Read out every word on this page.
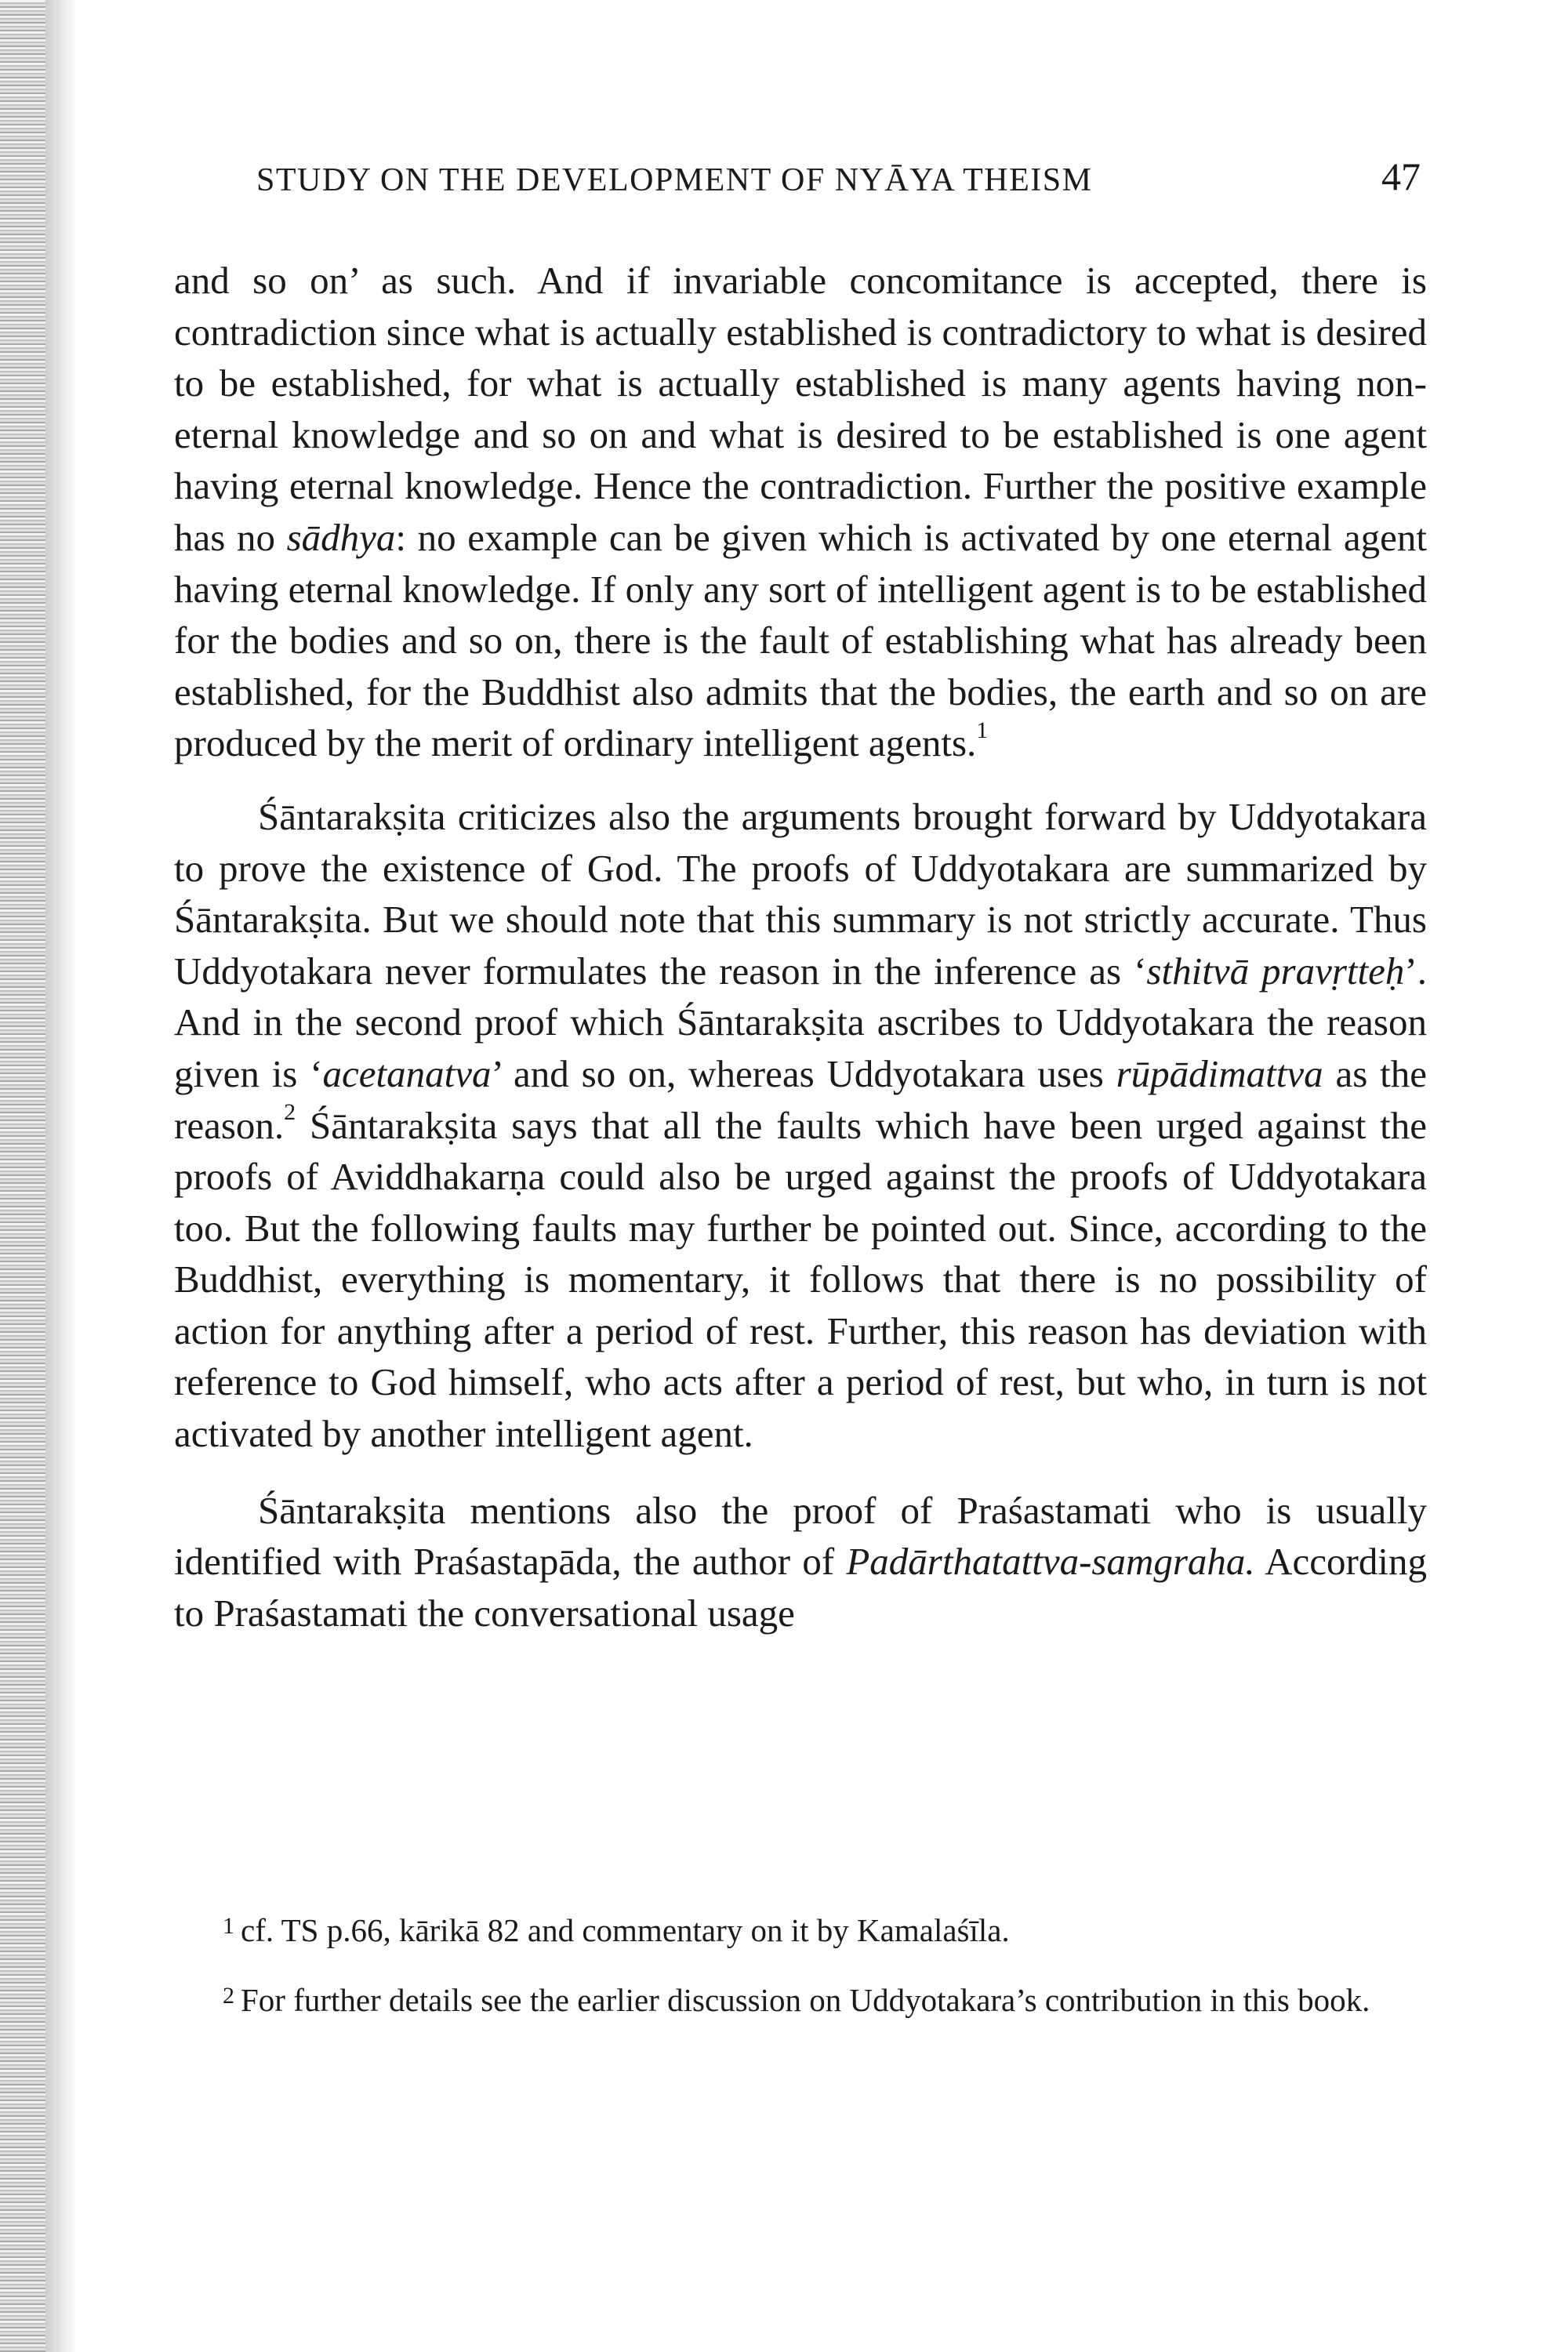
STUDY ON THE DEVELOPMENT OF NYĀYA THEISM	47

and so on’ as such. And if invariable concomitance is accepted, there is contradiction since what is actually established is contradictory to what is desired to be established, for what is actually established is many agents having non-eternal knowledge and so on and what is desired to be established is one agent having eternal knowledge. Hence the contradiction. Further the positive example has no sādhya: no example can be given which is activated by one eternal agent having eternal knowledge. If only any sort of intelligent agent is to be established for the bodies and so on, there is the fault of establishing what has already been established, for the Buddhist also admits that the bodies, the earth and so on are produced by the merit of ordinary intelligent agents.$^1$

Śāntarakṣita criticizes also the arguments brought forward by Uddyotakara to prove the existence of God. The proofs of Uddyotakara are summarized by Śāntarakṣita. But we should note that this summary is not strictly accurate. Thus Uddyotakara never formulates the reason in the inference as ‘sthitvā pravṛtteḥ’. And in the second proof which Śāntarakṣita ascribes to Uddyotakara the reason given is ‘acetanatva’ and so on, whereas Uddyotakara uses rūpādimattva as the reason.$^2$ Śāntarakṣita says that all the faults which have been urged against the proofs of Aviddhakarṇa could also be urged against the proofs of Uddyotakara too. But the following faults may further be pointed out. Since, according to the Buddhist, everything is momentary, it follows that there is no possibility of action for anything after a period of rest. Further, this reason has deviation with reference to God himself, who acts after a period of rest, but who, in turn is not activated by another intelligent agent.

Śāntarakṣita mentions also the proof of Praśastamati who is usually identified with Praśastapāda, the author of Padārthatattva-samgraha. According to Praśastamati the conversational usage

$^1$ cf. TS p.66, kārikā 82 and commentary on it by Kamalaśīla.

$^2$ For further details see the earlier discussion on Uddyotakara’s contribution in this book.
